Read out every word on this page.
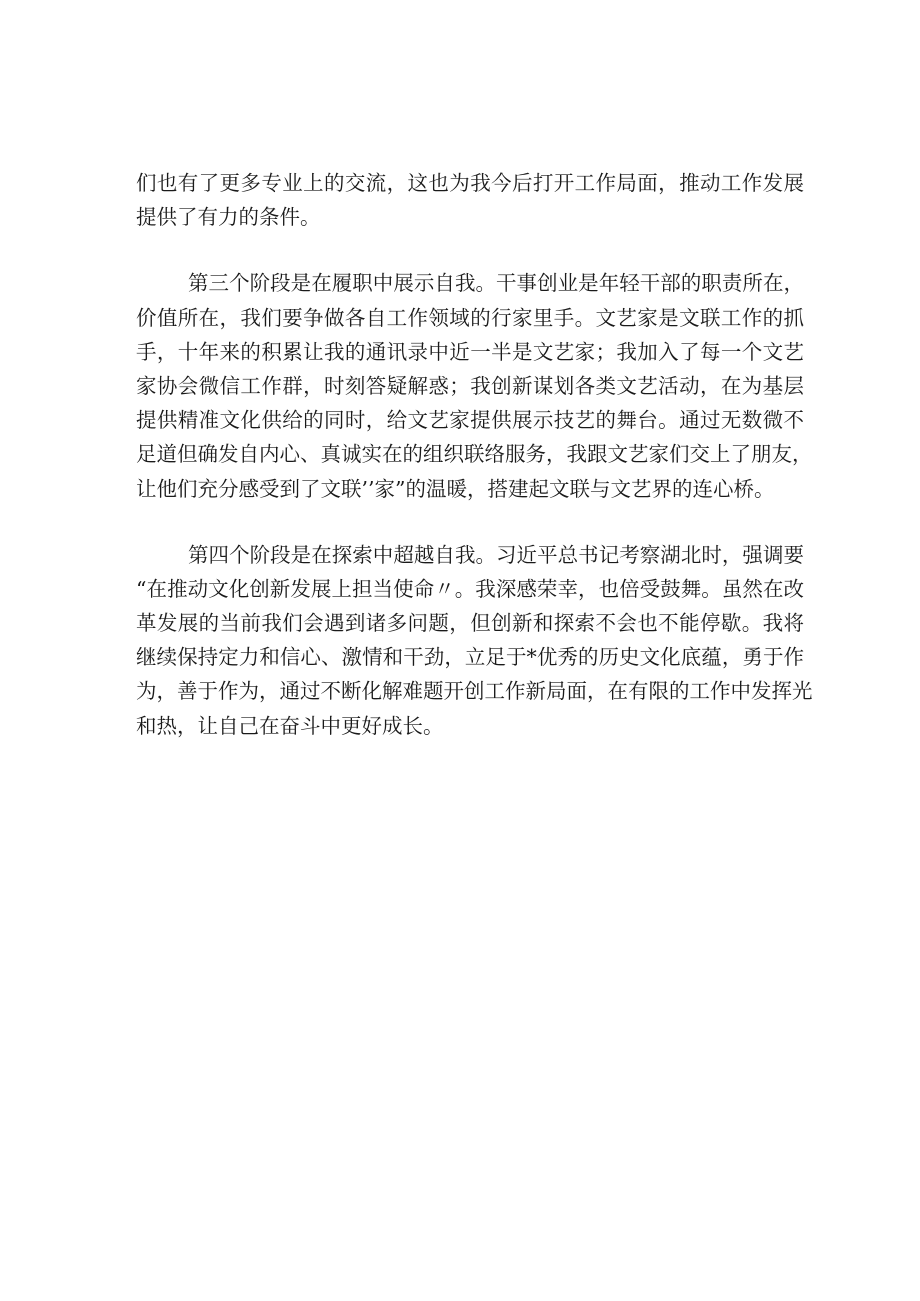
们也有了更多专业上的交流，这也为我今后打开工作局面，推动工作发展
提供了有力的条件。
第三个阶段是在履职中展示自我。干事创业是年轻干部的职责所在，
价值所在，我们要争做各自工作领域的行家里手。文艺家是文联工作的抓
手，十年来的积累让我的通讯录中近一半是文艺家；我加入了每一个文艺
家协会微信工作群，时刻答疑解惑；我创新谋划各类文艺活动，在为基层
提供精准文化供给的同时，给文艺家提供展示技艺的舞台。通过无数微不
足道但确发自内心、真诚实在的组织联络服务，我跟文艺家们交上了朋友，
让他们充分感受到了文联’’家”的温暖，搭建起文联与文艺界的连心桥。
第四个阶段是在探索中超越自我。习近平总书记考察湖北时，强调要
“在推动文化创新发展上担当使命〃。我深感荣幸，也倍受鼓舞。虽然在改
革发展的当前我们会遇到诸多问题，但创新和探索不会也不能停歇。我将
继续保持定力和信心、激情和干劲，立足于*优秀的历史文化底蕴，勇于作
为，善于作为，通过不断化解难题开创工作新局面，在有限的工作中发挥光
和热，让自己在奋斗中更好成长。
